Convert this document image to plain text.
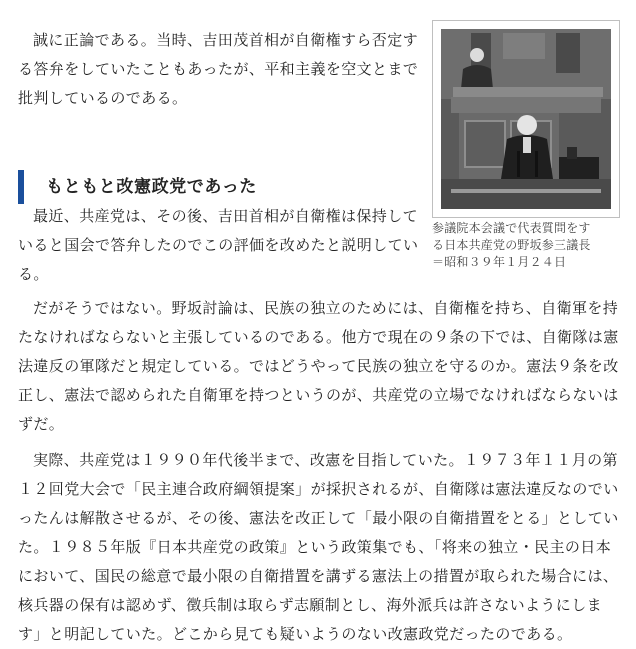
誠に正論である。当時、吉田茂首相が自衛権すら否定する答弁をしていたこともあったが、平和主義を空文とまで批判しているのである。

もともと改憲政党であった

最近、共産党は、その後、吉田首相が自衛権は保持していると国会で答弁したのでこの評価を改めたと説明している。

参議院本会議で代表質問をす
る日本共産党の野坂参三議長
＝昭和３９年１月２４日

だがそうではない。野坂討論は、民族の独立のためには、自衛権を持ち、自衛軍を持たなければならないと主張しているのである。他方で現在の９条の下では、自衛隊は憲法違反の軍隊だと規定している。ではどうやって民族の独立を守るのか。憲法９条を改正し、憲法で認められた自衛軍を持つというのが、共産党の立場でなければならないはずだ。

実際、共産党は１９９０年代後半まで、改憲を目指していた。１９７３年１１月の第１２回党大会で「民主連合政府綱領提案」が採択されるが、自衛隊は憲法違反なのでいったんは解散させるが、その後、憲法を改正して「最小限の自衛措置をとる」としていた。１９８５年版『日本共産党の政策』という政策集でも、「将来の独立・民主の日本において、国民の総意で最小限の自衛措置を講ずる憲法上の措置が取られた場合には、核兵器の保有は認めず、徴兵制は取らず志願制とし、海外派兵は許さないようにします」と明記していた。どこから見ても疑いようのない改憲政党だったのである。
